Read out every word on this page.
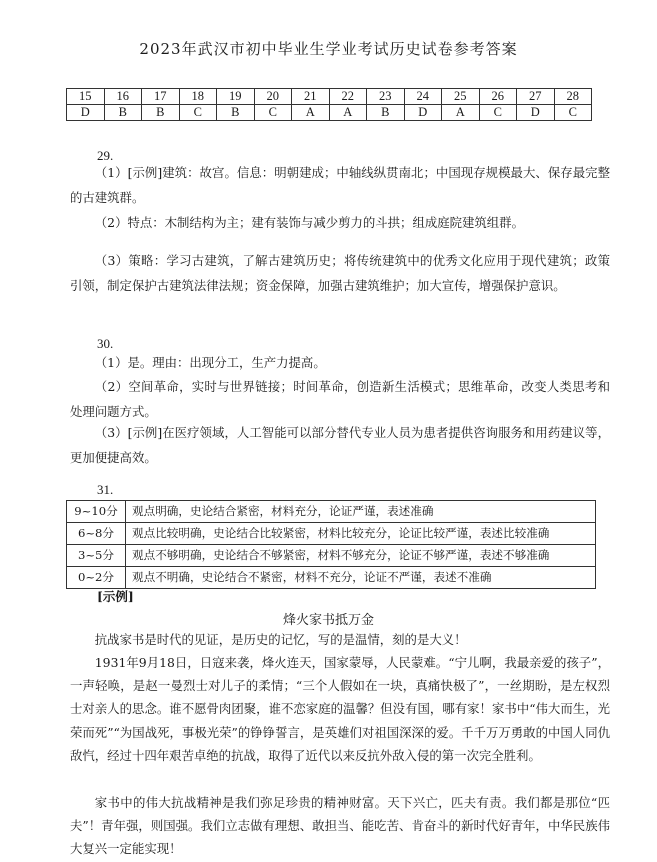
2023年武汉市初中毕业生学业考试历史试卷参考答案
15	16	17	18	19	20	21	22	23	24	25	26	27	28
D	B	B	C	B	C	A	A	B	D	A	C	D	C
29.
（1）[示例]建筑：故宫。信息：明朝建成；中轴线纵贯南北；中国现存规模最大、保存最完整的古建筑群。
（2）特点：木制结构为主；建有装饰与减少剪力的斗拱；组成庭院建筑组群。
（3）策略：学习古建筑，了解古建筑历史；将传统建筑中的优秀文化应用于现代建筑；政策引领，制定保护古建筑法律法规；资金保障，加强古建筑维护；加大宣传，增强保护意识。
30.
（1）是。理由：出现分工，生产力提高。
（2）空间革命，实时与世界链接；时间革命，创造新生活模式；思维革命，改变人类思考和处理问题方式。
（3）[示例]在医疗领域，人工智能可以部分替代专业人员为患者提供咨询服务和用药建议等，更加便捷高效。
31.
9~10分	观点明确，史论结合紧密，材料充分，论证严谨，表述准确
6~8分	观点比较明确，史论结合比较紧密，材料比较充分，论证比较严谨，表述比较准确
3~5分	观点不够明确，史论结合不够紧密，材料不够充分，论证不够严谨，表述不够准确
0~2分	观点不明确，史论结合不紧密，材料不充分，论证不严谨，表述不准确
[示例]
烽火家书抵万金
抗战家书是时代的见证，是历史的记忆，写的是温情，刻的是大义！
1931年9月18日，日寇来袭，烽火连天，国家蒙辱，人民蒙难。“宁儿啊，我最亲爱的孩子”，一声轻唤，是赵一曼烈士对儿子的柔情；“三个人假如在一块，真痛快极了”，一丝期盼，是左权烈士对亲人的思念。谁不愿骨肉团聚，谁不恋家庭的温馨？但没有国，哪有家！家书中“伟大而生，光荣而死”“为国战死，事极光荣”的铮铮誓言，是英雄们对祖国深深的爱。千千万万勇敢的中国人同仇敌忾，经过十四年艰苦卓绝的抗战，取得了近代以来反抗外敌入侵的第一次完全胜利。
家书中的伟大抗战精神是我们弥足珍贵的精神财富。天下兴亡，匹夫有责。我们都是那位“匹夫”！青年强，则国强。我们立志做有理想、敢担当、能吃苦、肯奋斗的新时代好青年，中华民族伟大复兴一定能实现！
